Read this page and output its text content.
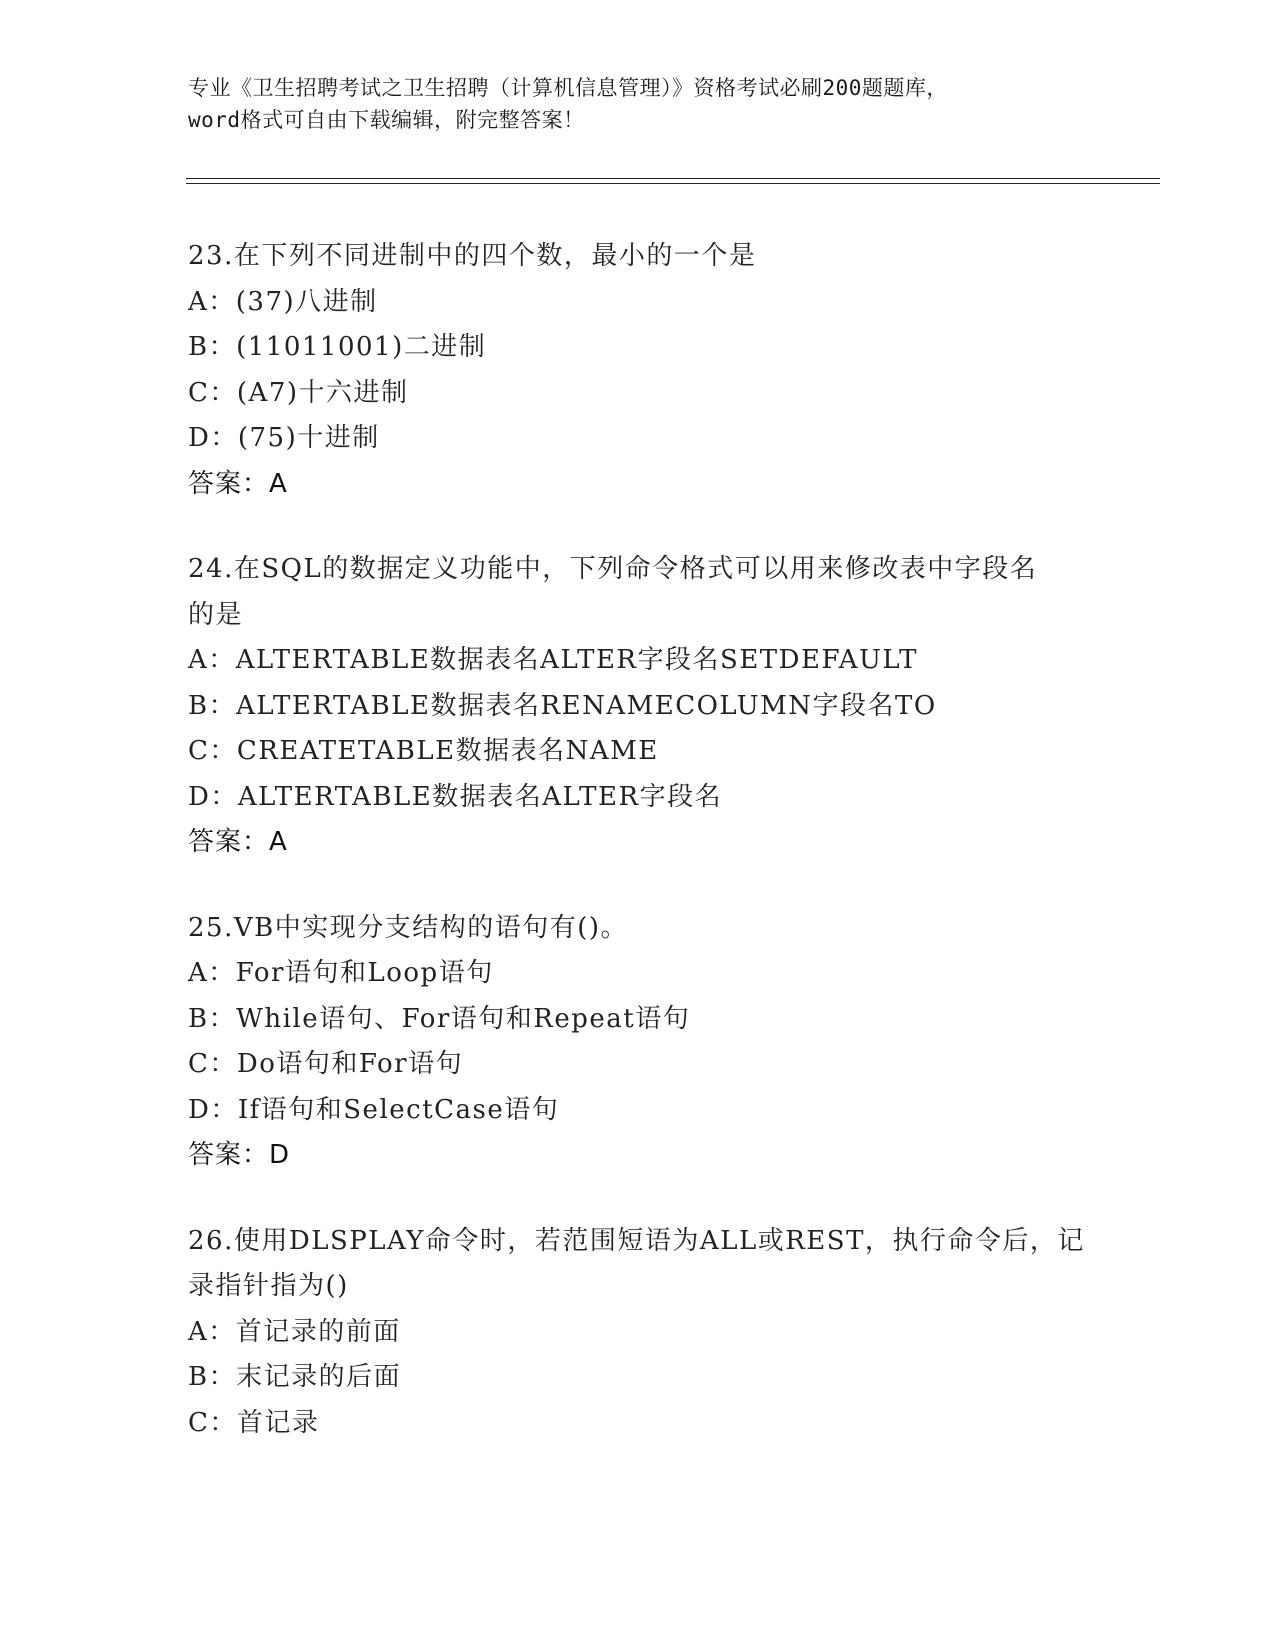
专业《卫生招聘考试之卫生招聘（计算机信息管理）》资格考试必刷200题题库，
word格式可自由下载编辑，附完整答案！
23.在下列不同进制中的四个数，最小的一个是
A：(37)八进制
B：(11011001)二进制
C：(A7)十六进制
D：(75)十进制
答案：A
24.在SQL的数据定义功能中，下列命令格式可以用来修改表中字段名
的是
A：ALTERTABLE数据表名ALTER字段名SETDEFAULT
B：ALTERTABLE数据表名RENAMECOLUMN字段名TO
C：CREATETABLE数据表名NAME
D：ALTERTABLE数据表名ALTER字段名
答案：A
25.VB中实现分支结构的语句有()。
A：For语句和Loop语句
B：While语句、For语句和Repeat语句
C：Do语句和For语句
D：If语句和SelectCase语句
答案：D
26.使用DLSPLAY命令时，若范围短语为ALL或REST，执行命令后，记
录指针指为()
A：首记录的前面
B：末记录的后面
C：首记录
